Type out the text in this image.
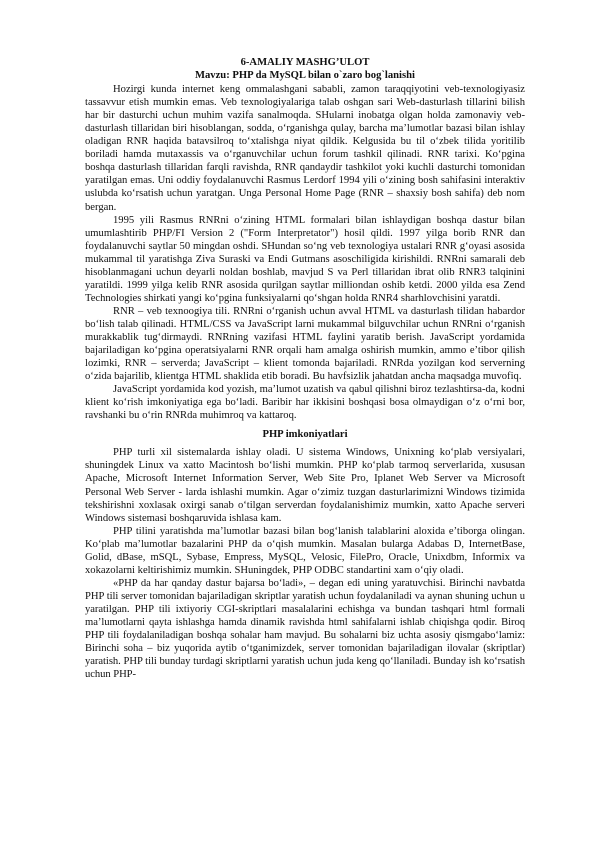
6-AMALIY MASHG’ULOT

Mavzu: PHP da MySQL bilan o`zaro bog`lanishi

Hozirgi kunda internet keng ommalashgani sababli, zamon taraqqiyotini veb-texnologiyasiz tassavvur etish mumkin emas. Veb texnologiyalariga talab oshgan sari Web-dasturlash tillarini bilish har bir dasturchi uchun muhim vazifa sanalmoqda. SHularni inobatga olgan holda zamonaviy veb-dasturlash tillaridan biri hisoblangan, sodda, o‘rganishga qulay, barcha ma’lumotlar bazasi bilan ishlay oladigan RNR haqida batavsilroq to‘xtalishga niyat qildik. Kelgusida bu til o‘zbek tilida yoritilib boriladi hamda mutaxassis va o‘rganuvchilar uchun forum tashkil qilinadi. RNR tarixi. Ko‘pgina boshqa dasturlash tillaridan farqli ravishda, RNR qandaydir tashkilot yoki kuchli dasturchi tomonidan yaratilgan emas. Uni oddiy foydalanuvchi Rasmus Lerdorf 1994 yili o‘zining bosh sahifasini interaktiv uslubda ko‘rsatish uchun yaratgan. Unga Personal Home Page (RNR – shaxsiy bosh sahifa) deb nom bergan.

1995 yili Rasmus RNRni o‘zining HTML formalari bilan ishlaydigan boshqa dastur bilan umumlashtirib PHP/FI Version 2 ("Form Interpretator") hosil qildi. 1997 yilga borib RNR dan foydalanuvchi saytlar 50 mingdan oshdi. SHundan so‘ng veb texnologiya ustalari RNR g‘oyasi asosida mukammal til yaratishga Ziva Suraski va Endi Gutmans asoschiligida kirishildi. RNRni samarali deb hisoblanmagani uchun deyarli noldan boshlab, mavjud S va Perl tillaridan ibrat olib RNR3 talqinini yaratildi. 1999 yilga kelib RNR asosida qurilgan saytlar milliondan oshib ketdi. 2000 yilda esa Zend Technologies shirkati yangi ko‘pgina funksiyalarni qo‘shgan holda RNR4 sharhlovchisini yaratdi.

RNR – veb texnoogiya tili. RNRni o‘rganish uchun avval HTML va dasturlash tilidan habardor bo‘lish talab qilinadi. HTML/CSS va JavaScript larni mukammal bilguvchilar uchun RNRni o‘rganish murakkablik tug‘dirmaydi. RNRning vazifasi HTML faylini yaratib berish. JavaScript yordamida bajariladigan ko‘pgina operatsiyalarni RNR orqali ham amalga oshirish mumkin, ammo e’tibor qilish lozimki, RNR – serverda; JavaScript – klient tomonda bajariladi. RNRda yozilgan kod serverning o‘zida bajarilib, klientga HTML shaklida etib boradi. Bu havfsizlik jahatdan ancha maqsadga muvofiq.

JavaScript yordamida kod yozish, ma’lumot uzatish va qabul qilishni biroz tezlashtirsa-da, kodni klient ko‘rish imkoniyatiga ega bo‘ladi. Baribir har ikkisini boshqasi bosa olmaydigan o‘z o‘rni bor, ravshanki bu o‘rin RNRda muhimroq va kattaroq.

PHP imkoniyatlari

PHP turli xil sistemalarda ishlay oladi. U sistema Windows, Unixning ko‘plab versiyalari, shuningdek Linux va xatto Macintosh bo‘lishi mumkin. PHP ko‘plab tarmoq serverlarida, xususan Apache, Microsoft Internet Information Server, Web Site Pro, Iplanet Web Server va Microsoft Personal Web Server - larda ishlashi mumkin. Agar o‘zimiz tuzgan dasturlarimizni Windows tizimida tekshirishni xoxlasak oxirgi sanab o‘tilgan serverdan foydalanishimiz mumkin, xatto Apache serveri Windows sistemasi boshqaruvida ishlasa kam.

PHP tilini yaratishda ma’lumotlar bazasi bilan bog‘lanish talablarini aloxida e’tiborga olingan. Ko‘plab ma’lumotlar bazalarini PHP da o‘qish mumkin. Masalan bularga Adabas D, InternetBase, Golid, dBase, mSQL, Sybase, Empress, MySQL, Velosic, FilePro, Oracle, Unixdbm, Informix va xokazolarni keltirishimiz mumkin. SHuningdek, PHP ODBC standartini xam o‘qiy oladi.

«PHP da har qanday dastur bajarsa bo‘ladi», – degan edi uning yaratuvchisi. Birinchi navbatda PHP tili server tomonidan bajariladigan skriptlar yaratish uchun foydalaniladi va aynan shuning uchun u yaratilgan. PHP tili ixtiyoriy CGI-skriptlari masalalarini echishga va bundan tashqari html formali ma’lumotlarni qayta ishlashga hamda dinamik ravishda html sahifalarni ishlab chiqishga qodir. Biroq PHP tili foydalaniladigan boshqa sohalar ham mavjud. Bu sohalarni biz uchta asosiy qismgabo‘lamiz: Birinchi soha – biz yuqorida aytib o‘tganimizdek, server tomonidan bajariladigan ilovalar (skriptlar) yaratish. PHP tili bunday turdagi skriptlarni yaratish uchun juda keng qo‘llaniladi. Bunday ish ko‘rsatish uchun PHP-
